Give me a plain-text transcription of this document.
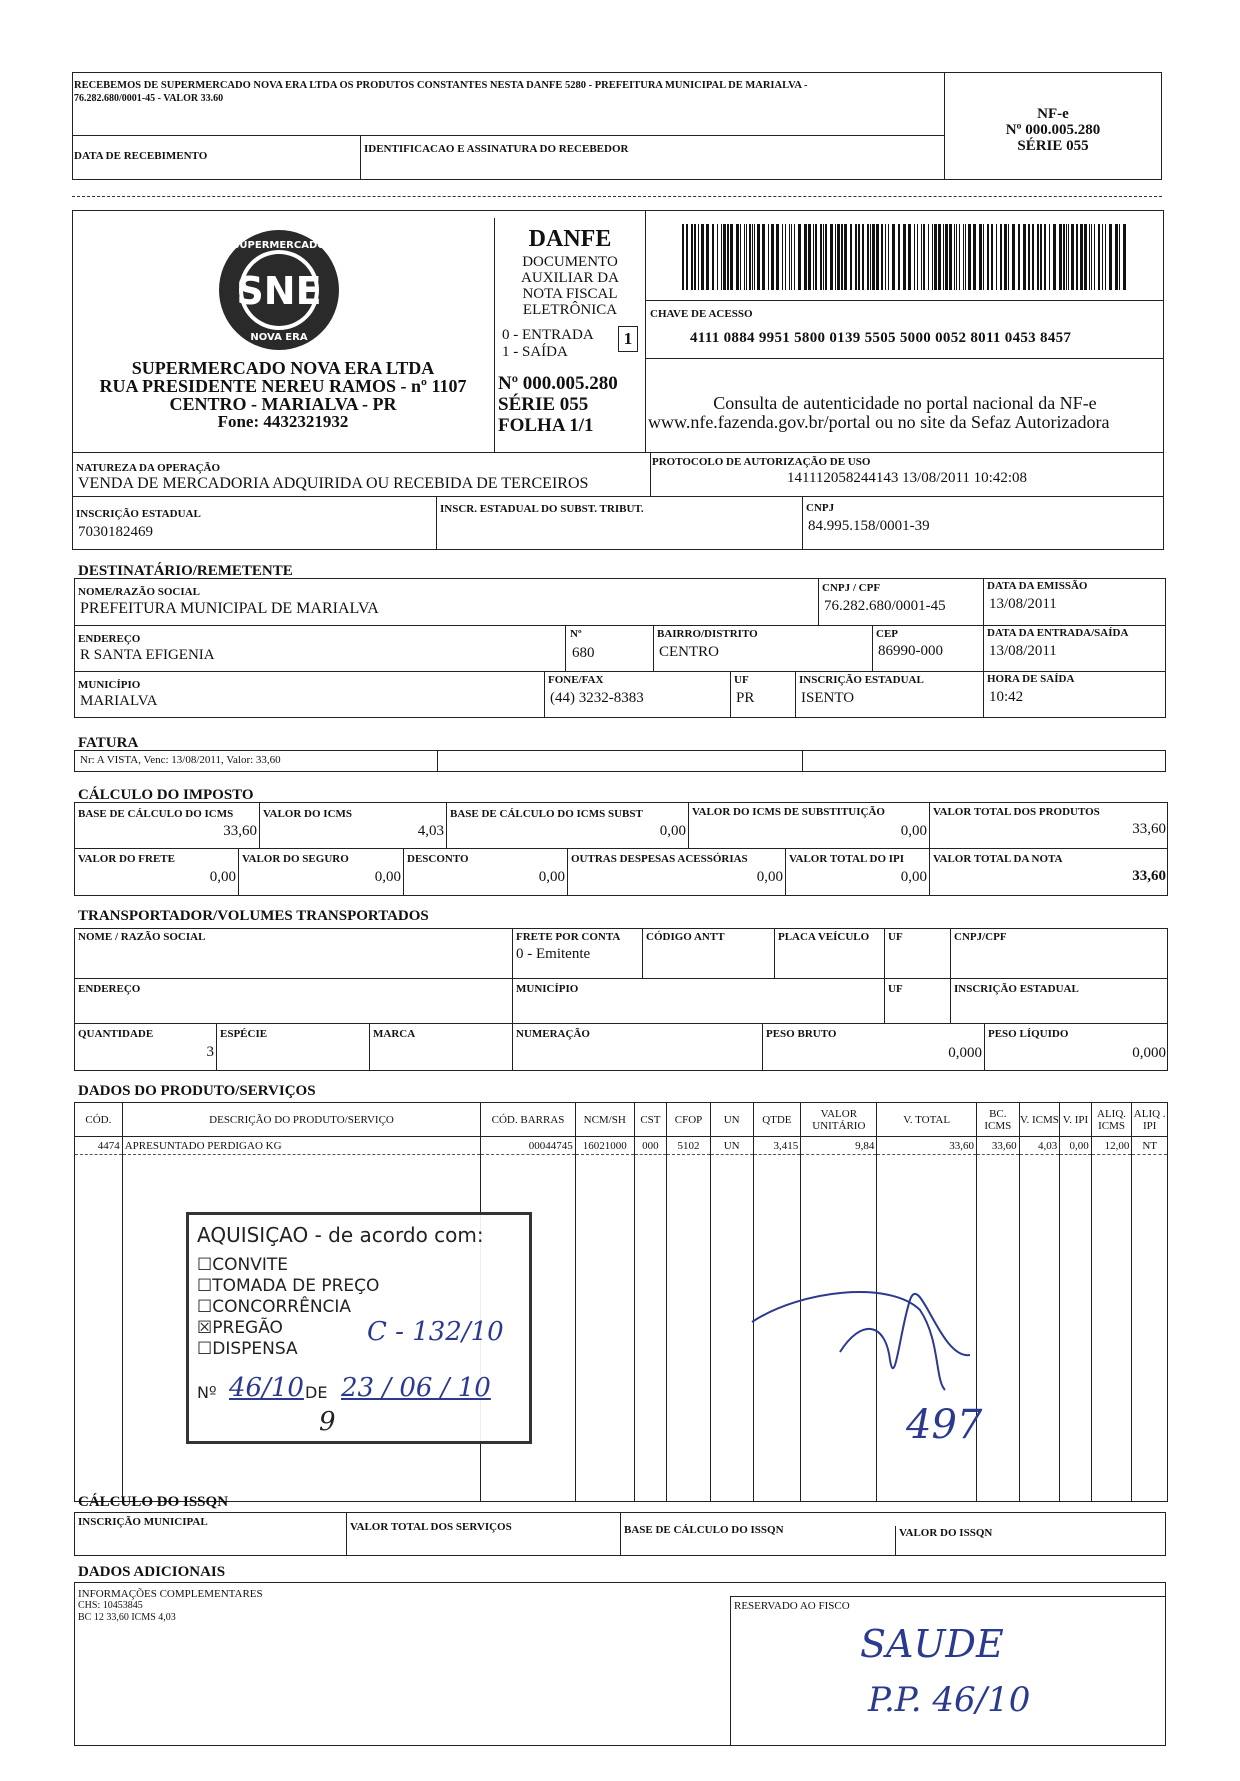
RECEBEMOS DE SUPERMERCADO NOVA ERA LTDA OS PRODUTOS CONSTANTES NESTA DANFE 5280 - PREFEITURA MUNICIPAL DE MARIALVA -
76.282.680/0001-45 - VALOR 33.60
DATA DE RECEBIMENTO
IDENTIFICACAO E ASSINATURA DO RECEBEDOR
NF-e
Nº 000.005.280
SÉRIE 055
SNE
SUPERMERCADO
NOVA ERA
SUPERMERCADO NOVA ERA LTDA
RUA PRESIDENTE NEREU RAMOS - nº 1107
CENTRO - MARIALVA - PR
Fone: 4432321932
DANFE
DOCUMENTO
AUXILIAR DA
NOTA FISCAL
ELETRÔNICA
0 - ENTRADA
1 - SAÍDA
1
Nº 000.005.280
SÉRIE 055
FOLHA 1/1
CHAVE DE ACESSO
4111 0884 9951 5800 0139 5505 5000 0052 8011 0453 8457
Consulta de autenticidade no portal nacional da NF-e
www.nfe.fazenda.gov.br/portal ou no site da Sefaz Autorizadora
NATUREZA DA OPERAÇÃO
VENDA DE MERCADORIA ADQUIRIDA OU RECEBIDA DE TERCEIROS
PROTOCOLO DE AUTORIZAÇÃO DE USO
141112058244143 13/08/2011 10:42:08
INSCRIÇÃO ESTADUAL
7030182469
INSCR. ESTADUAL DO SUBST. TRIBUT.	CNPJ
84.995.158/0001-39
DESTINATÁRIO/REMETENTE
NOME/RAZÃO SOCIAL
PREFEITURA MUNICIPAL DE MARIALVA
CNPJ / CPF
76.282.680/0001-45
DATA DA EMISSÃO
13/08/2011
ENDEREÇO
R SANTA EFIGENIA
Nº
680
BAIRRO/DISTRITO
CENTRO
CEP
86990-000
DATA DA ENTRADA/SAÍDA
13/08/2011
MUNICÍPIO
MARIALVA
FONE/FAX
(44) 3232-8383
UF
PR
INSCRIÇÃO ESTADUAL
ISENTO
HORA DE SAÍDA
10:42
FATURA
Nr: A VISTA, Venc: 13/08/2011, Valor: 33,60
CÁLCULO DO IMPOSTO
BASE DE CÁLCULO DO ICMS
33,60
VALOR DO ICMS
4,03
BASE DE CÁLCULO DO ICMS SUBST
0,00
VALOR DO ICMS DE SUBSTITUIÇÃO
0,00
VALOR TOTAL DOS PRODUTOS
33,60
VALOR DO FRETE
0,00
VALOR DO SEGURO
0,00
DESCONTO
0,00
OUTRAS DESPESAS ACESSÓRIAS
0,00
VALOR TOTAL DO IPI
0,00
VALOR TOTAL DA NOTA
33,60
TRANSPORTADOR/VOLUMES TRANSPORTADOS
NOME / RAZÃO SOCIAL	FRETE POR CONTA
0 - Emitente
CÓDIGO ANTT	PLACA VEÍCULO UF	CNPJ/CPF
ENDEREÇO	MUNICÍPIO	UF	INSCRIÇÃO ESTADUAL
QUANTIDADE
3
ESPÉCIE	MARCA	NUMERAÇÃO	PESO BRUTO
0,000
PESO LÍQUIDO
0,000
DADOS DO PRODUTO/SERVIÇOS
CÓD.	DESCRIÇÃO DO PRODUTO/SERVIÇO	CÓD. BARRAS	NCM/SH	CST	CFOP	UN	QTDE	VALOR UNITÁRIO	V. TOTAL	BC. ICMS	V. ICMS	V. IPI	ALIQ. ICMS	ALIQ . IPI
4474	APRESUNTADO PERDIGAO KG	00044745	16021000	000	5102	UN	3,415	9,84	33,60	33,60	4,03	0,00	12,00	NT

AQUISIÇAO - de acordo com:
☐CONVITE
☐TOMADA DE PREÇO
☐CONCORRÊNCIA
☒PREGÃO
☐DISPENSA
C - 132/10
Nº 46/10 DE 23 / 06 / 10
9	497
CÁLCULO DO ISSQN
INSCRIÇÃO MUNICIPAL	VALOR TOTAL DOS SERVIÇOS	BASE DE CÁLCULO DO ISSQN	VALOR DO ISSQN
DADOS ADICIONAIS
INFORMAÇÕES COMPLEMENTARES
CHS: 10453845
BC 12 33,60 ICMS 4,03
RESERVADO AO FISCO
SAUDE
P.P. 46/10
